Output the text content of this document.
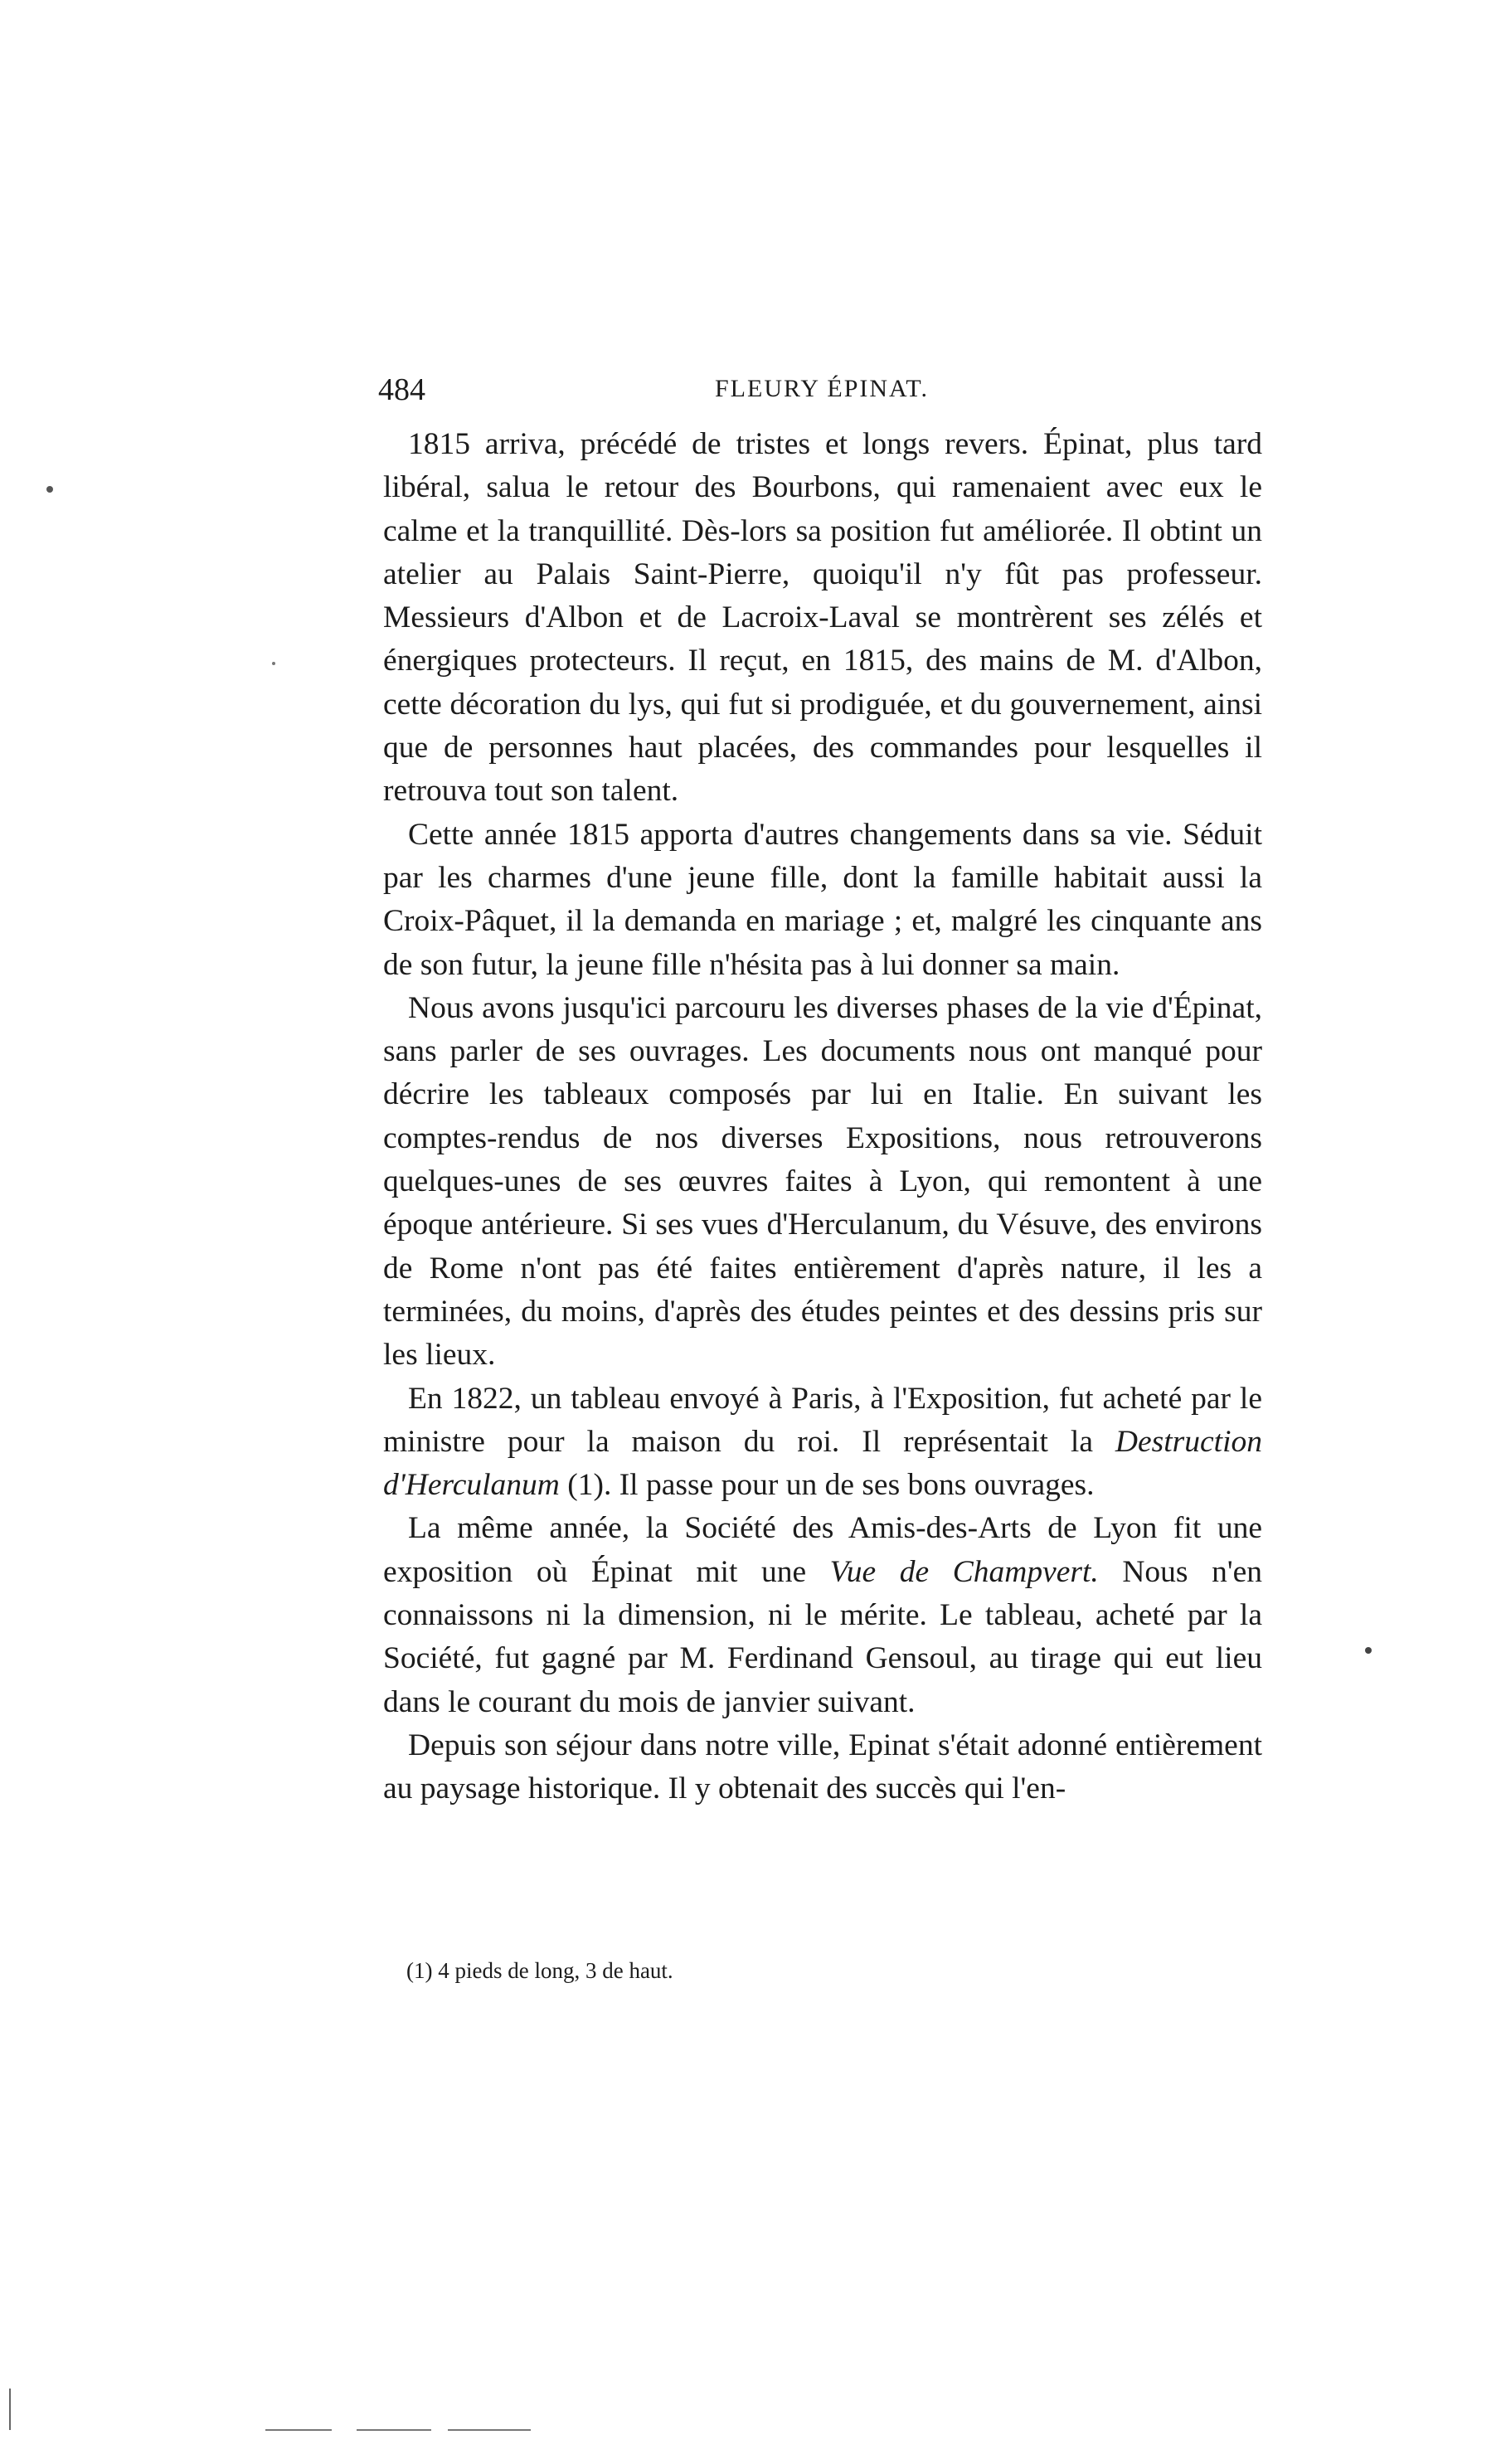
484	FLEURY ÉPINAT.

1815 arriva, précédé de tristes et longs revers. Épinat, plus tard libéral, salua le retour des Bourbons, qui ramenaient avec eux le calme et la tranquillité. Dès-lors sa position fut améliorée. Il obtint un atelier au Palais Saint-Pierre, quoiqu'il n'y fût pas professeur. Messieurs d'Albon et de Lacroix-Laval se montrèrent ses zélés et énergiques protecteurs. Il reçut, en 1815, des mains de M. d'Albon, cette décoration du lys, qui fut si prodiguée, et du gouvernement, ainsi que de personnes haut placées, des commandes pour lesquelles il retrouva tout son talent.

Cette année 1815 apporta d'autres changements dans sa vie. Séduit par les charmes d'une jeune fille, dont la famille habitait aussi la Croix-Pâquet, il la demanda en mariage ; et, malgré les cinquante ans de son futur, la jeune fille n'hésita pas à lui donner sa main.

Nous avons jusqu'ici parcouru les diverses phases de la vie d'Épinat, sans parler de ses ouvrages. Les documents nous ont manqué pour décrire les tableaux composés par lui en Italie. En suivant les comptes-rendus de nos diverses Expositions, nous retrouverons quelques-unes de ses œuvres faites à Lyon, qui remontent à une époque antérieure. Si ses vues d'Herculanum, du Vésuve, des environs de Rome n'ont pas été faites entièrement d'après nature, il les a terminées, du moins, d'après des études peintes et des dessins pris sur les lieux.

En 1822, un tableau envoyé à Paris, à l'Exposition, fut acheté par le ministre pour la maison du roi. Il représentait la Destruction d'Herculanum (1). Il passe pour un de ses bons ouvrages.

La même année, la Société des Amis-des-Arts de Lyon fit une exposition où Épinat mit une Vue de Champvert. Nous n'en connaissons ni la dimension, ni le mérite. Le tableau, acheté par la Société, fut gagné par M. Ferdinand Gensoul, au tirage qui eut lieu dans le courant du mois de janvier suivant.

Depuis son séjour dans notre ville, Epinat s'était adonné entièrement au paysage historique. Il y obtenait des succès qui l'en-

(1) 4 pieds de long, 3 de haut.
